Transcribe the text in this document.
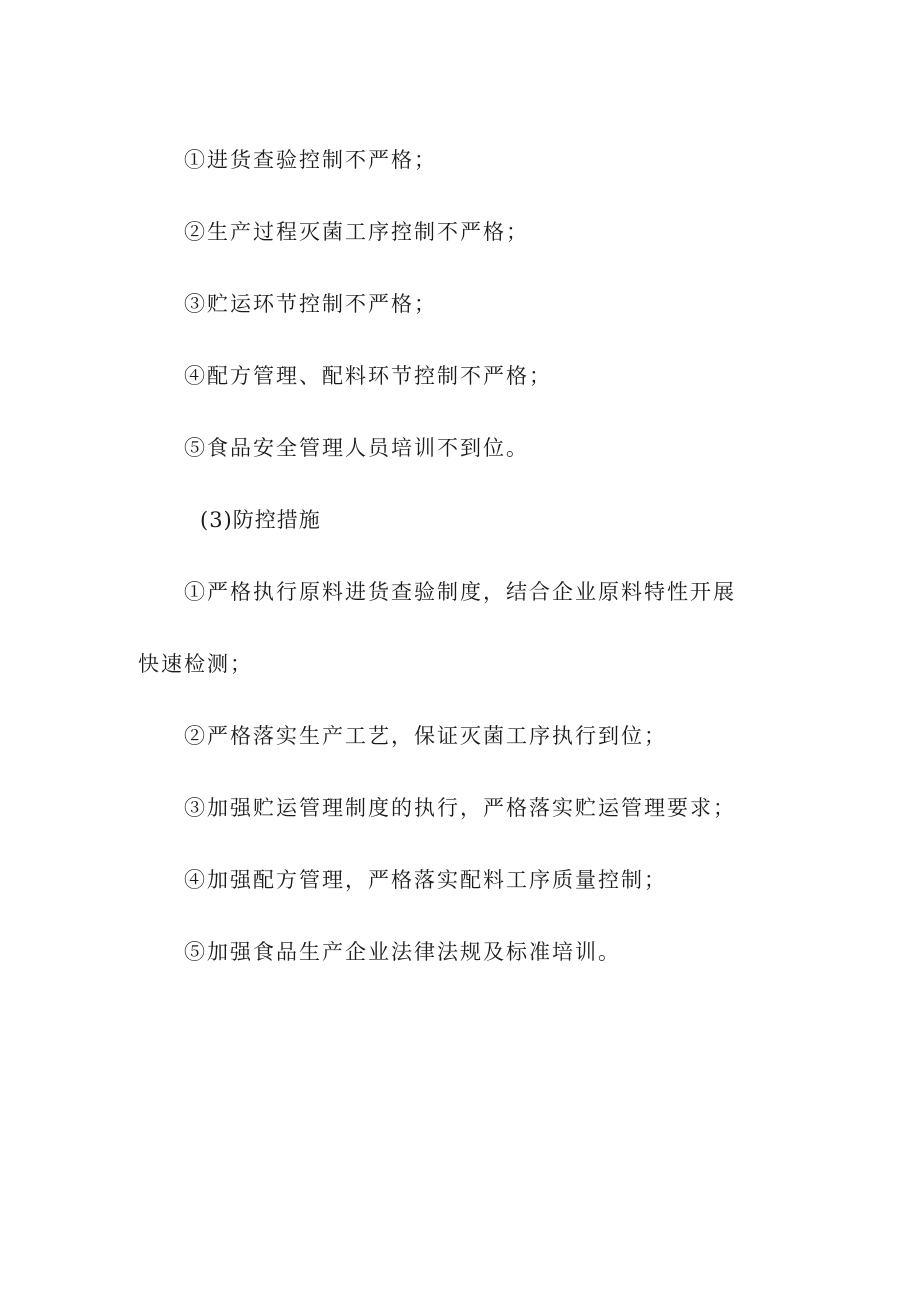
①进货查验控制不严格；
②生产过程灭菌工序控制不严格；
③贮运环节控制不严格；
④配方管理、配料环节控制不严格；
⑤食品安全管理人员培训不到位。
(3)防控措施
①严格执行原料进货查验制度，结合企业原料特性开展
快速检测；
②严格落实生产工艺，保证灭菌工序执行到位；
③加强贮运管理制度的执行，严格落实贮运管理要求；
④加强配方管理，严格落实配料工序质量控制；
⑤加强食品生产企业法律法规及标准培训。
